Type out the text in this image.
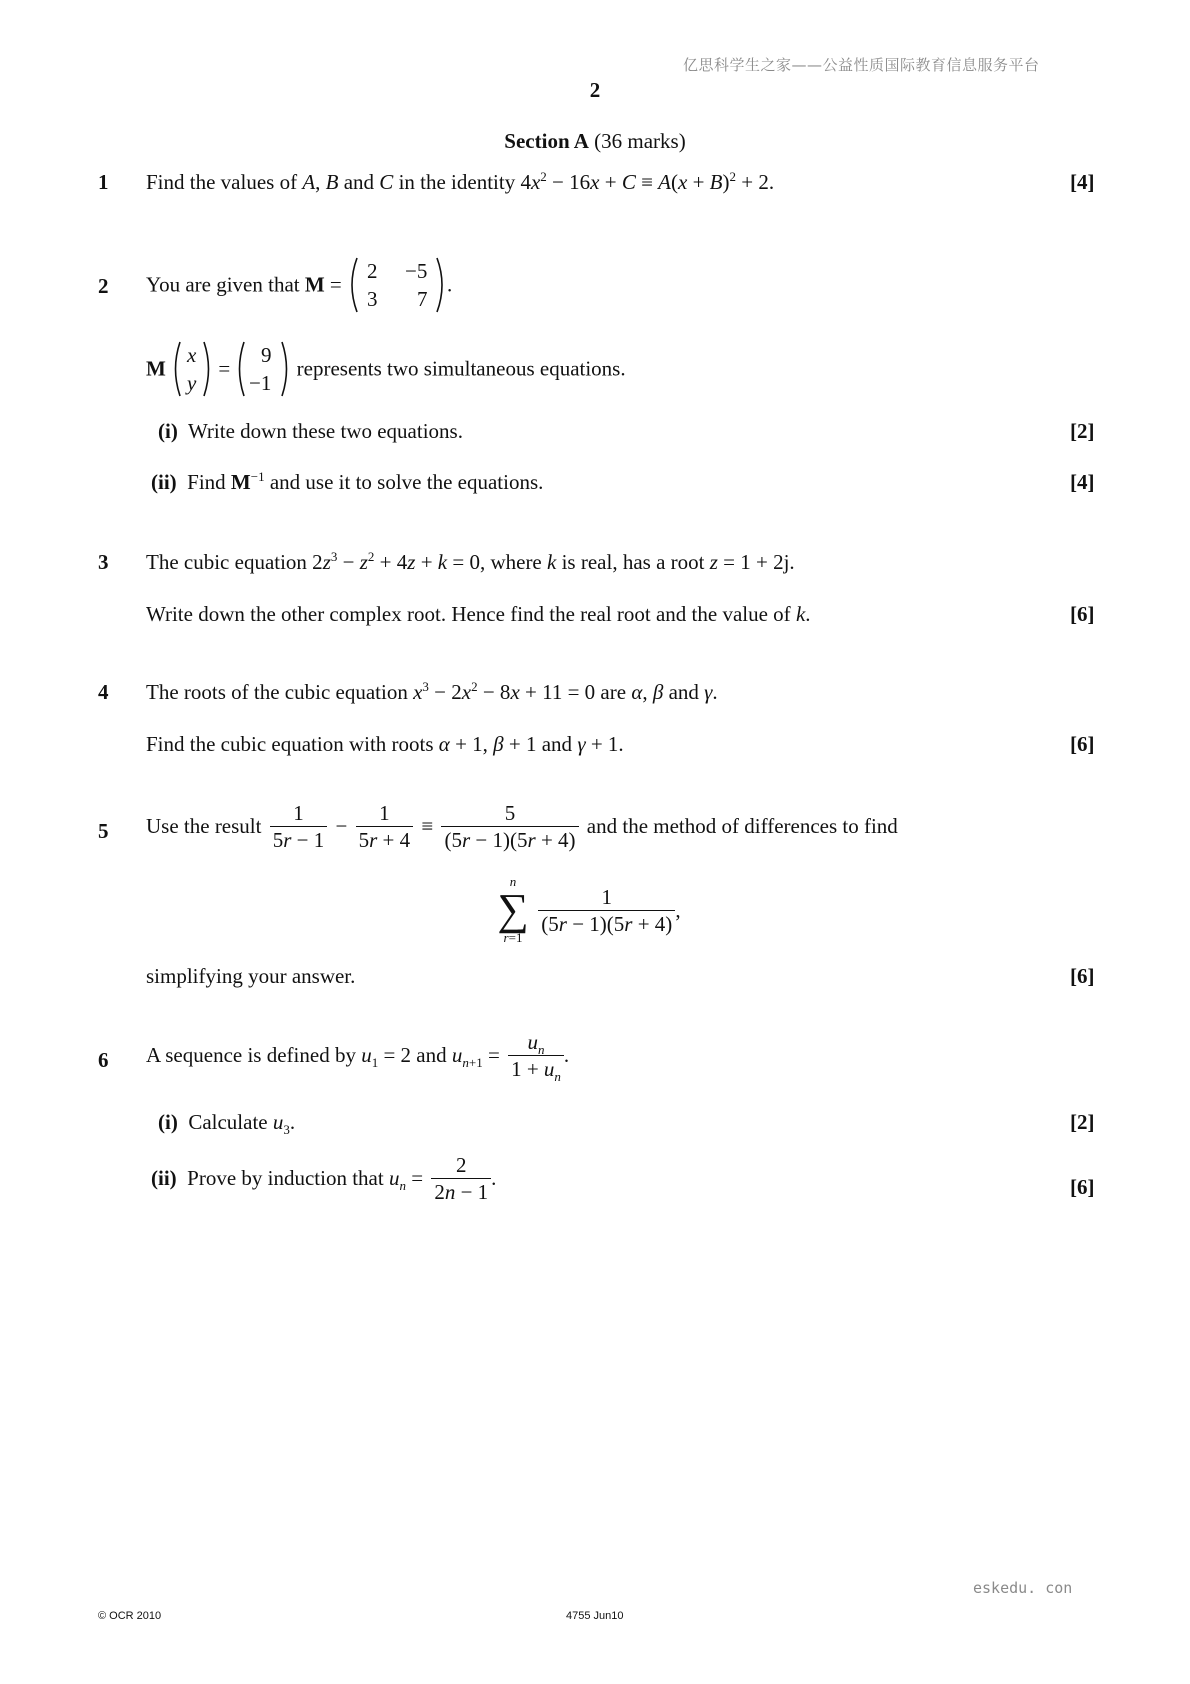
亿思科学生之家——公益性质国际教育信息服务平台
eskedu. con
2
Section A (36 marks)
1 Find the values of A, B and C in the identity $4x^2 - 16x + C \equiv A(x + B)^2 + 2$.	[4]
2 You are given that M =
2 −5
3 7
.
M
x
y
=
9
−1
represents two simultaneous equations.
(i) Write down these two equations.	[2]
(ii) Find $M^{-1}$ and use it to solve the equations.	[4]
3 The cubic equation $2z^3 - z^2 + 4z + k = 0$, where k is real, has a root z = 1 + 2j.
Write down the other complex root. Hence find the real root and the value of k.	[6]
4 The roots of the cubic equation $x^3 - 2x^2 - 8x + 11 = 0$ are α, β and γ.
Find the cubic equation with roots α + 1, β + 1 and γ + 1.	[6]
5 Use the result $\frac{1}{5r - 1} - \frac{1}{5r + 4} \equiv \frac{5}{(5r - 1)(5r + 4)}$ and the method of differences to find
n
∑
r=1

$\frac{1}{(5r - 1)(5r + 4)}$ ,
simplifying your answer.	[6]
6 A sequence is defined by $u_1 = 2$ and $u_{n+1} = \frac{u_n}{1 + u_n}$ .
(i) Calculate $u_3$.	[2]
(ii) Prove by induction that $u_n = \frac{2}{2n - 1}$ .	[6]
© OCR 2010	4755 Jun10
